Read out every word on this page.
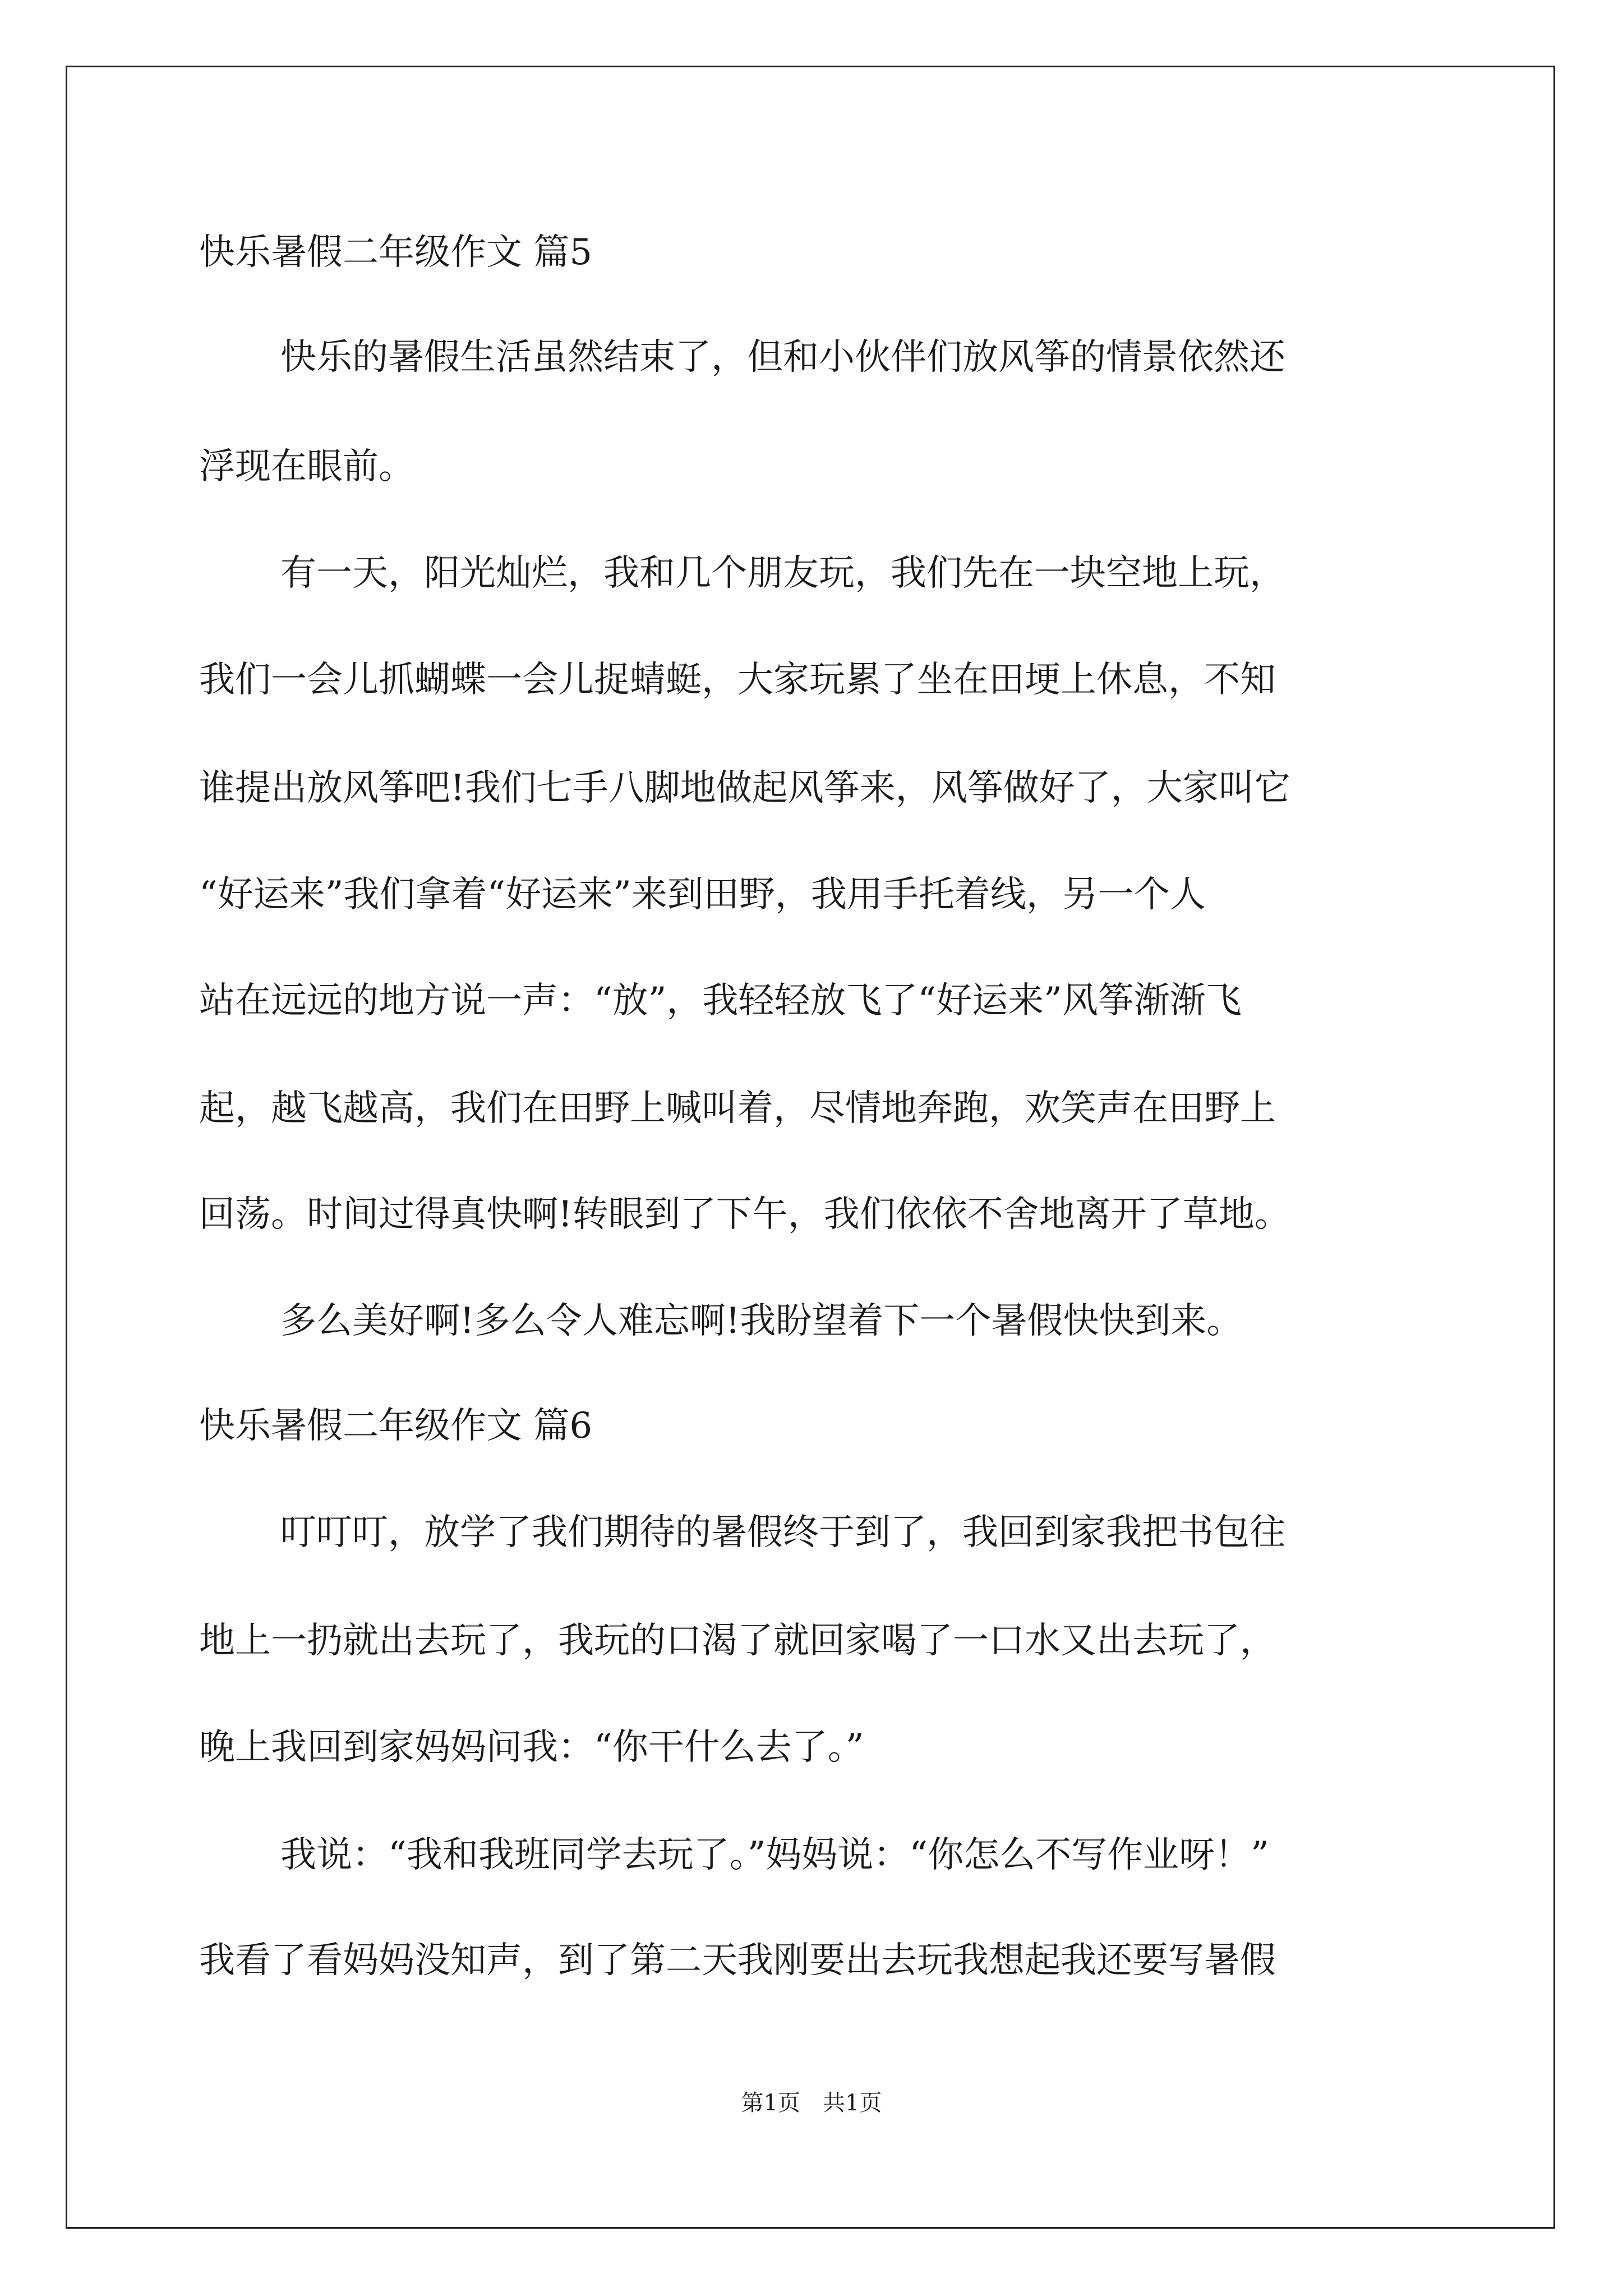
快乐暑假二年级作文 篇5
快乐的暑假生活虽然结束了，但和小伙伴们放风筝的情景依然还
浮现在眼前。
有一天，阳光灿烂，我和几个朋友玩，我们先在一块空地上玩，
我们一会儿抓蝴蝶一会儿捉蜻蜓，大家玩累了坐在田埂上休息，不知
谁提出放风筝吧!我们七手八脚地做起风筝来，风筝做好了，大家叫它
“好运来”我们拿着“好运来”来到田野，我用手托着线，另一个人
站在远远的地方说一声：“放”，我轻轻放飞了“好运来”风筝渐渐飞
起，越飞越高，我们在田野上喊叫着，尽情地奔跑，欢笑声在田野上
回荡。时间过得真快啊!转眼到了下午，我们依依不舍地离开了草地。
多么美好啊!多么令人难忘啊!我盼望着下一个暑假快快到来。
快乐暑假二年级作文 篇6
叮叮叮，放学了我们期待的暑假终于到了，我回到家我把书包往
地上一扔就出去玩了，我玩的口渴了就回家喝了一口水又出去玩了，
晚上我回到家妈妈问我：“你干什么去了。”
我说：“我和我班同学去玩了。”妈妈说：“你怎么不写作业呀！”
我看了看妈妈没知声，到了第二天我刚要出去玩我想起我还要写暑假
第1页　共1页
